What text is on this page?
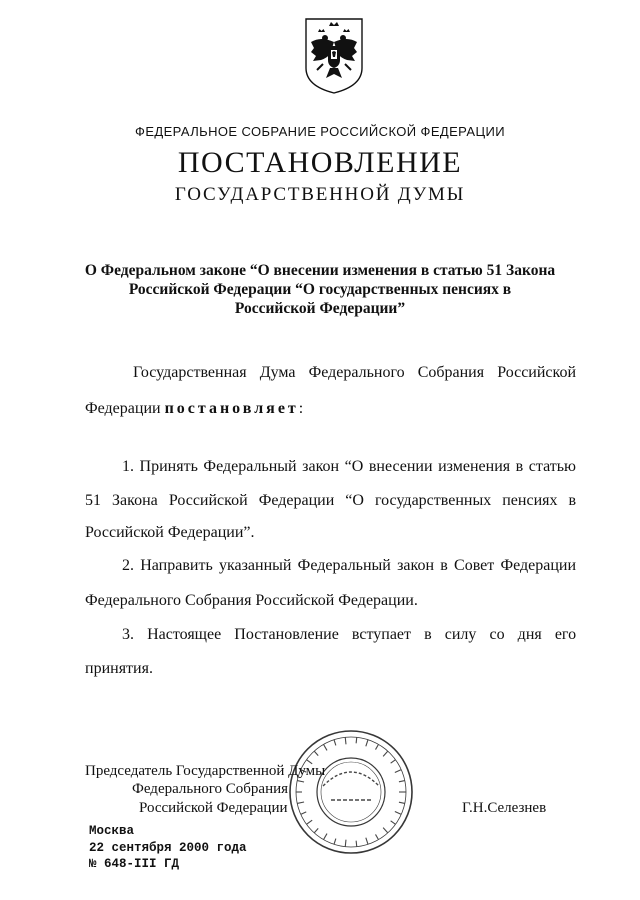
ФЕДЕРАЛЬНОЕ СОБРАНИЕ РОССИЙСКОЙ ФЕДЕРАЦИИ
ПОСТАНОВЛЕНИЕ
ГОСУДАРСТВЕННОЙ ДУМЫ
О Федеральном законе “О внесении изменения в статью 51 Закона
Российской Федерации “О государственных пенсиях в
Российской Федерации”
Государственная Дума Федерального Собрания Российской
Федерации постановляет:
1. Принять Федеральный закон “О внесении изменения в статью
51 Закона Российской Федерации “О государственных пенсиях в
Российской Федерации”.
2. Направить указанный Федеральный закон в Совет Федерации
Федерального Собрания Российской Федерации.
3. Настоящее Постановление вступает в силу со дня его
принятия.
Председатель Государственной Думы
Федерального Собрания
Российской Федерации	Г.Н.Селезнев
Москва
22 сентября 2000 года
№ 648-III ГД
